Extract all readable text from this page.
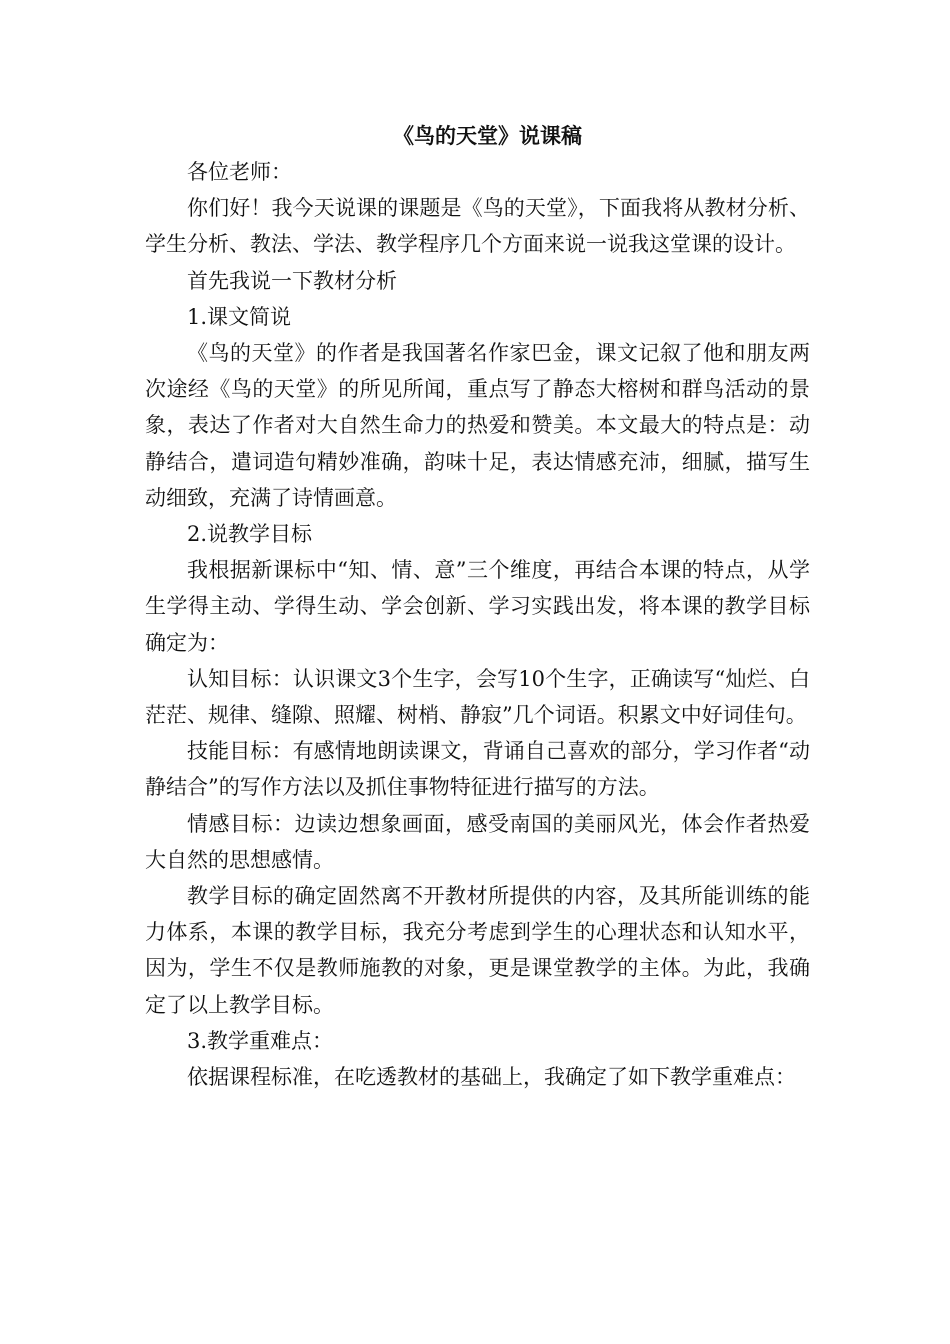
《鸟的天堂》说课稿

各位老师：

你们好！我今天说课的课题是《鸟的天堂》，下面我将从教材分析、学生分析、教法、学法、教学程序几个方面来说一说我这堂课的设计。

首先我说一下教材分析

1.课文简说

《鸟的天堂》的作者是我国著名作家巴金，课文记叙了他和朋友两次途经《鸟的天堂》的所见所闻，重点写了静态大榕树和群鸟活动的景象，表达了作者对大自然生命力的热爱和赞美。本文最大的特点是：动静结合，遣词造句精妙准确，韵味十足，表达情感充沛，细腻，描写生动细致，充满了诗情画意。

2.说教学目标

我根据新课标中“知、情、意”三个维度，再结合本课的特点，从学生学得主动、学得生动、学会创新、学习实践出发，将本课的教学目标确定为：

认知目标：认识课文3个生字，会写10个生字，正确读写“灿烂、白茫茫、规律、缝隙、照耀、树梢、静寂”几个词语。积累文中好词佳句。

技能目标：有感情地朗读课文，背诵自己喜欢的部分，学习作者“动静结合”的写作方法以及抓住事物特征进行描写的方法。

情感目标：边读边想象画面，感受南国的美丽风光，体会作者热爱大自然的思想感情。

教学目标的确定固然离不开教材所提供的内容，及其所能训练的能力体系，本课的教学目标，我充分考虑到学生的心理状态和认知水平，因为，学生不仅是教师施教的对象，更是课堂教学的主体。为此，我确定了以上教学目标。

3.教学重难点：

依据课程标准，在吃透教材的基础上，我确定了如下教学重难点：
